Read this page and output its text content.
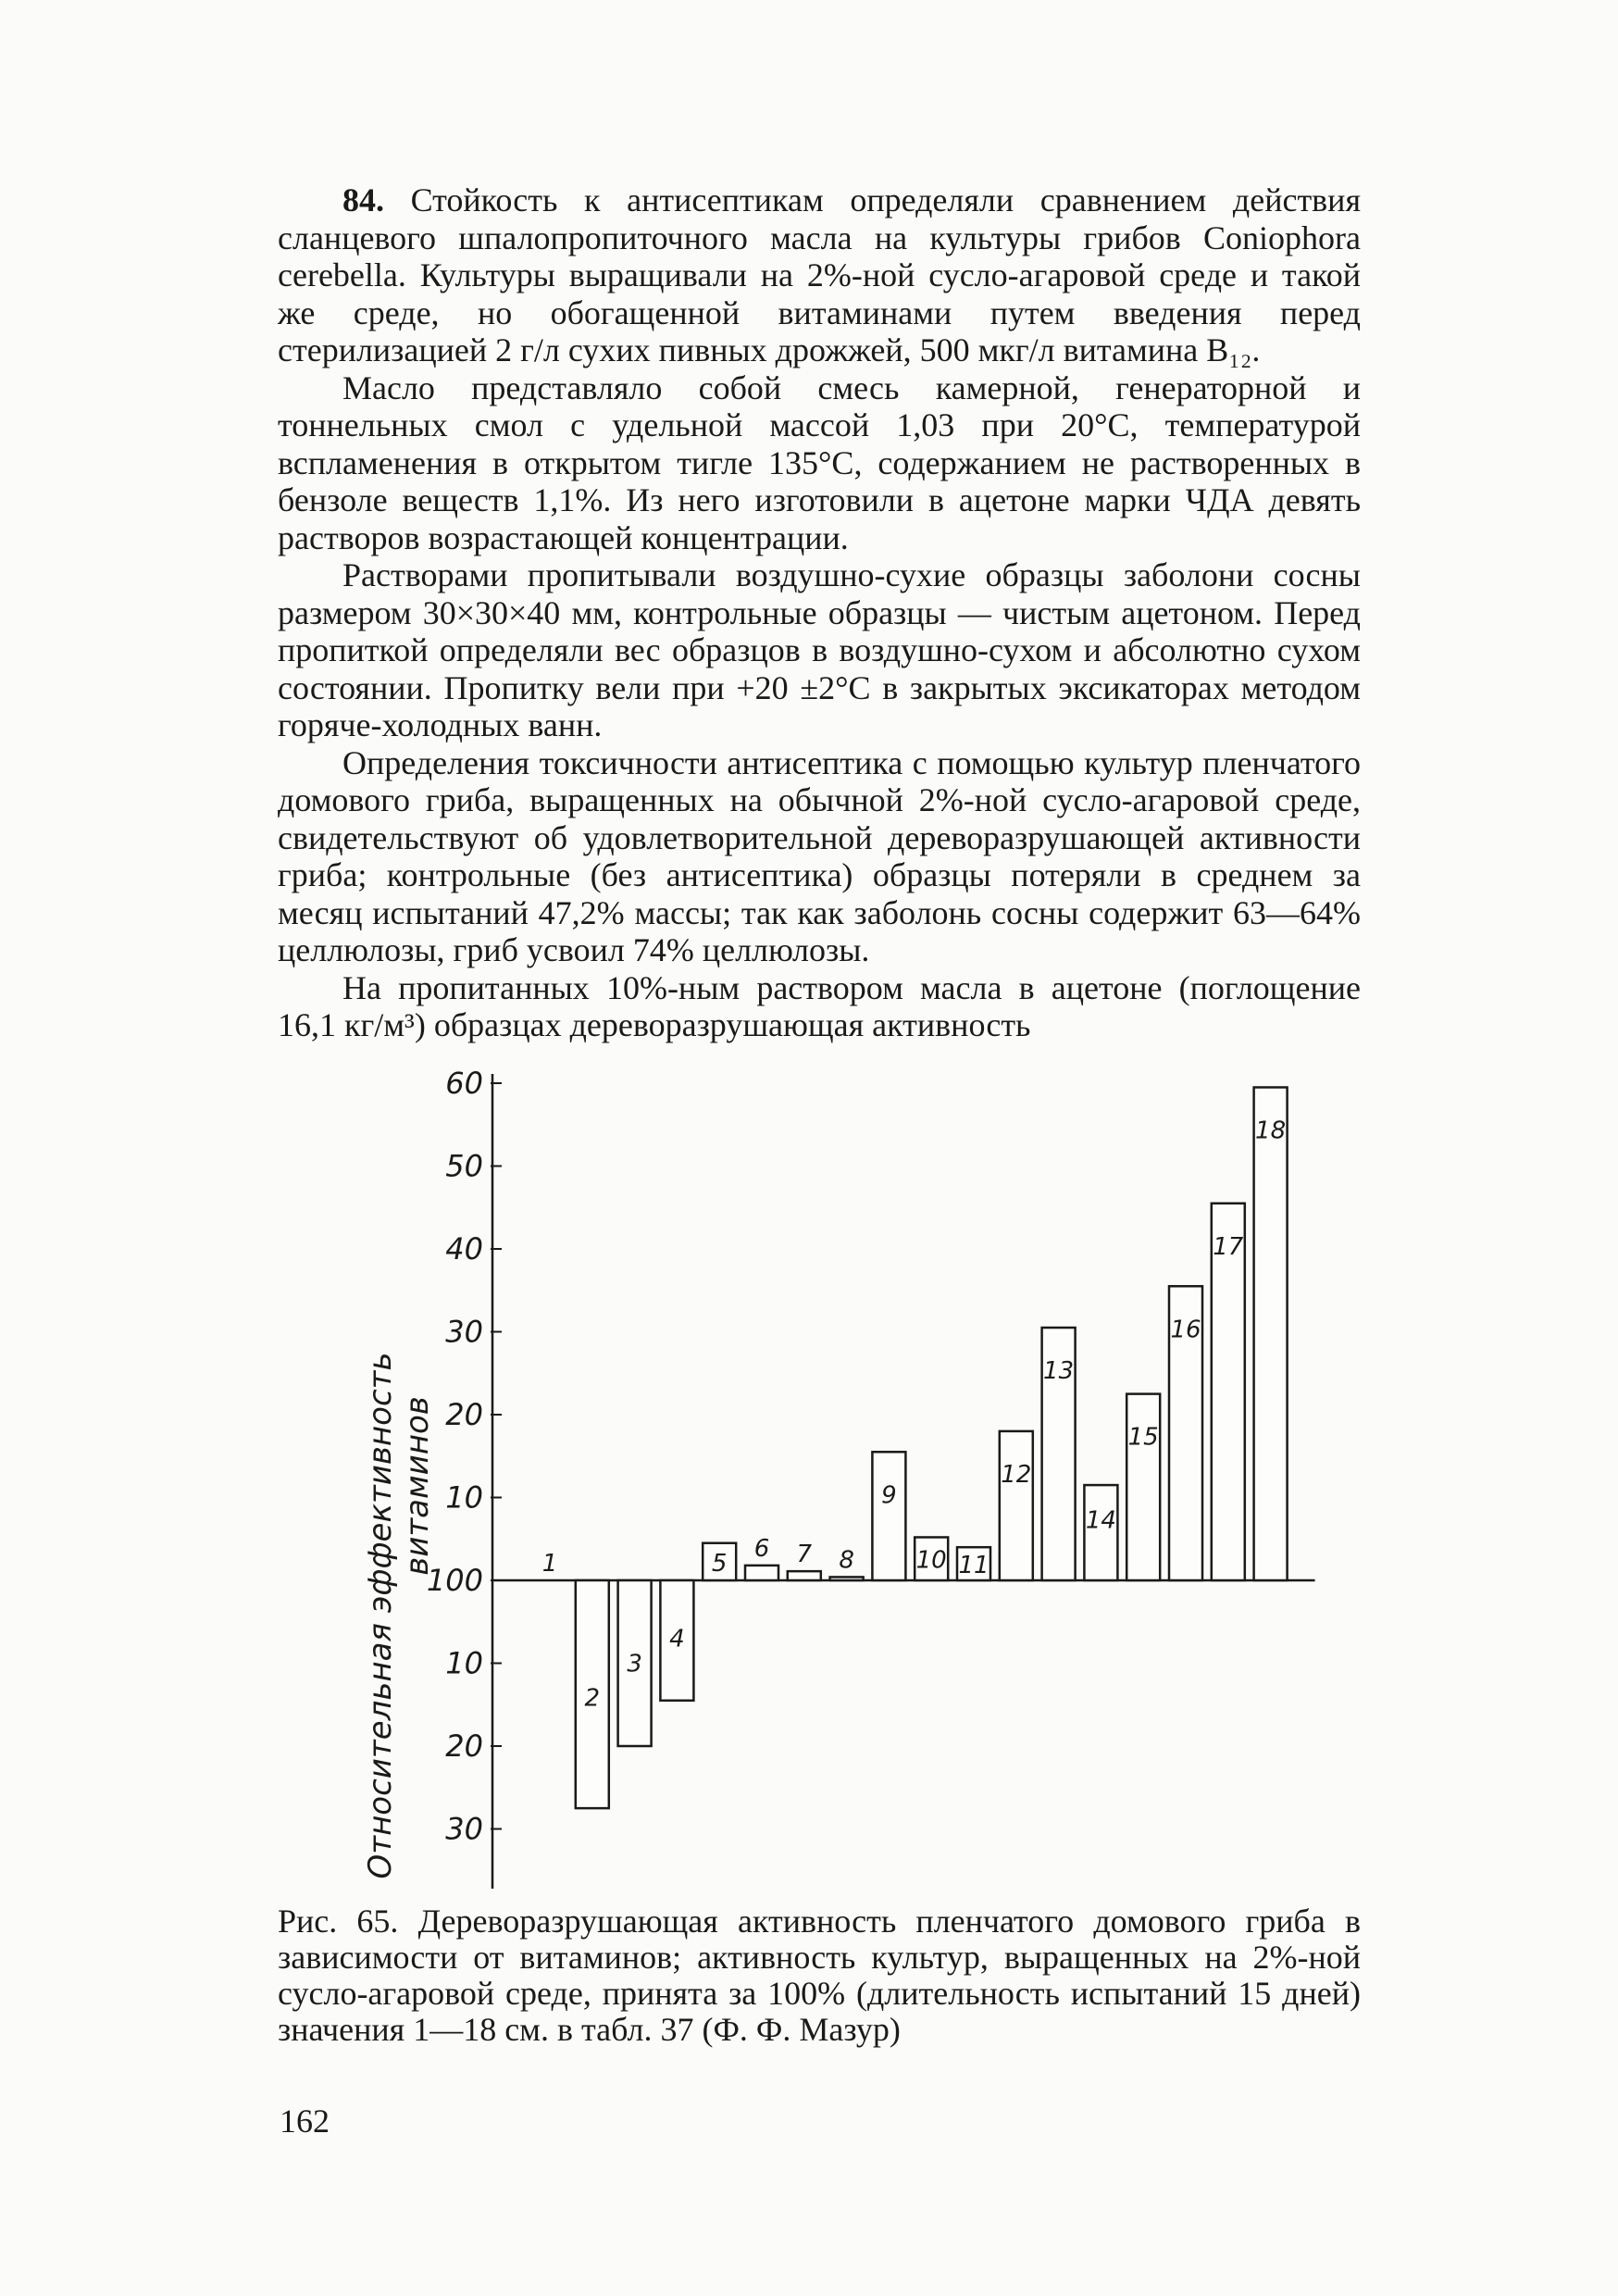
84. Стойкость к антисептикам определяли сравнением действия сланцевого шпалопропиточного масла на культуры грибов Coniophora cerebella. Культуры выращивали на 2%-ной сусло-агаровой среде и такой же среде, но обогащенной витаминами путем введения перед стерилизацией 2 г/л сухих пивных дрожжей, 500 мкг/л витамина B₁₂.

Масло представляло собой смесь камерной, генераторной и тоннельных смол с удельной массой 1,03 при 20°С, температурой вспламенения в открытом тигле 135°С, содержанием не растворенных в бензоле веществ 1,1%. Из него изготовили в ацетоне марки ЧДА девять растворов возрастающей концентрации.

Растворами пропитывали воздушно-сухие образцы заболони сосны размером 30×30×40 мм, контрольные образцы — чистым ацетоном. Перед пропиткой определяли вес образцов в воздушно-сухом и абсолютно сухом состоянии. Пропитку вели при +20 ±2°С в закрытых эксикаторах методом горяче-холодных ванн.

Определения токсичности антисептика с помощью культур пленчатого домового гриба, выращенных на обычной 2%-ной сусло-агаровой среде, свидетельствуют об удовлетворительной дереворазрушающей активности гриба; контрольные (без антисептика) образцы потеряли в среднем за месяц испытаний 47,2% массы; так как заболонь сосны содержит 63—64% целлюлозы, гриб усвоил 74% целлюлозы.

На пропитанных 10%-ным раствором масла в ацетоне (поглощение 16,1 кг/м³) образцах дереворазрушающая активность

Относительная эффективность витаминов
60
50
40
30
20
10
100
10
20
30
1
2
3
4
5
6 7 8
9
10 11
12
13
14
15
16
17
18

Рис. 65. Дереворазрушающая активность пленчатого домового гриба в зависимости от витаминов; активность культур, выращенных на 2%-ной сусло-агаровой среде, принята за 100% (длительность испытаний 15 дней) значения 1—18 см. в табл. 37 (Ф. Ф. Мазур)

162
